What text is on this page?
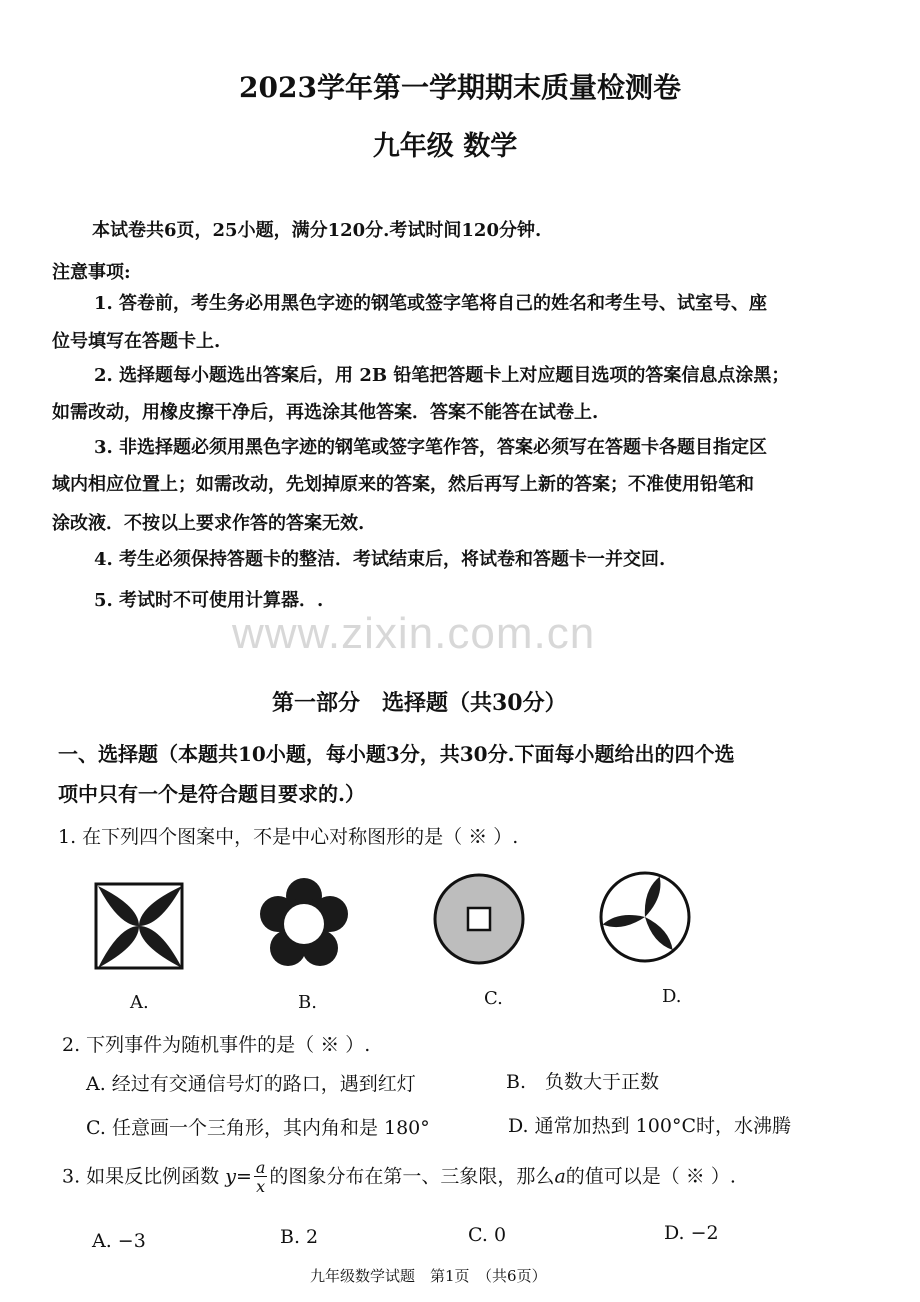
2023学年第一学期期末质量检测卷
九年级 数学
本试卷共6页，25小题，满分120分.考试时间120分钟.
注意事项:
1. 答卷前，考生务必用黑色字迹的钢笔或签字笔将自己的姓名和考生号、试室号、座
位号填写在答题卡上.
2. 选择题每小题选出答案后，用 2B 铅笔把答题卡上对应题目选项的答案信息点涂黑；
如需改动，用橡皮擦干净后，再选涂其他答案．答案不能答在试卷上.
3. 非选择题必须用黑色字迹的钢笔或签字笔作答，答案必须写在答题卡各题目指定区
域内相应位置上；如需改动，先划掉原来的答案，然后再写上新的答案；不准使用铅笔和
涂改液．不按以上要求作答的答案无效.
4. 考生必须保持答题卡的整洁．考试结束后，将试卷和答题卡一并交回.
5. 考试时不可使用计算器．.
www.zixin.com.cn
第一部分　选择题（共30分）
一、选择题（本题共10小题，每小题3分，共30分.下面每小题给出的四个选
项中只有一个是符合题目要求的.）
1. 在下列四个图案中，不是中心对称图形的是（ ※ ）.
A.	B.	C.	D.
2. 下列事件为随机事件的是（ ※ ）.
A. 经过有交通信号灯的路口，遇到红灯	B.　负数大于正数
C. 任意画一个三角形，其内角和是 180°	D. 通常加热到 100°C时，水沸腾
3. 如果反比例函数 $y= \frac{a}{x}$ 的图象分布在第一、三象限，那么a的值可以是（ ※ ）.
A. −3	B. 2	C. 0	D. −2
九年级数学试题　第1页　（共6页）
